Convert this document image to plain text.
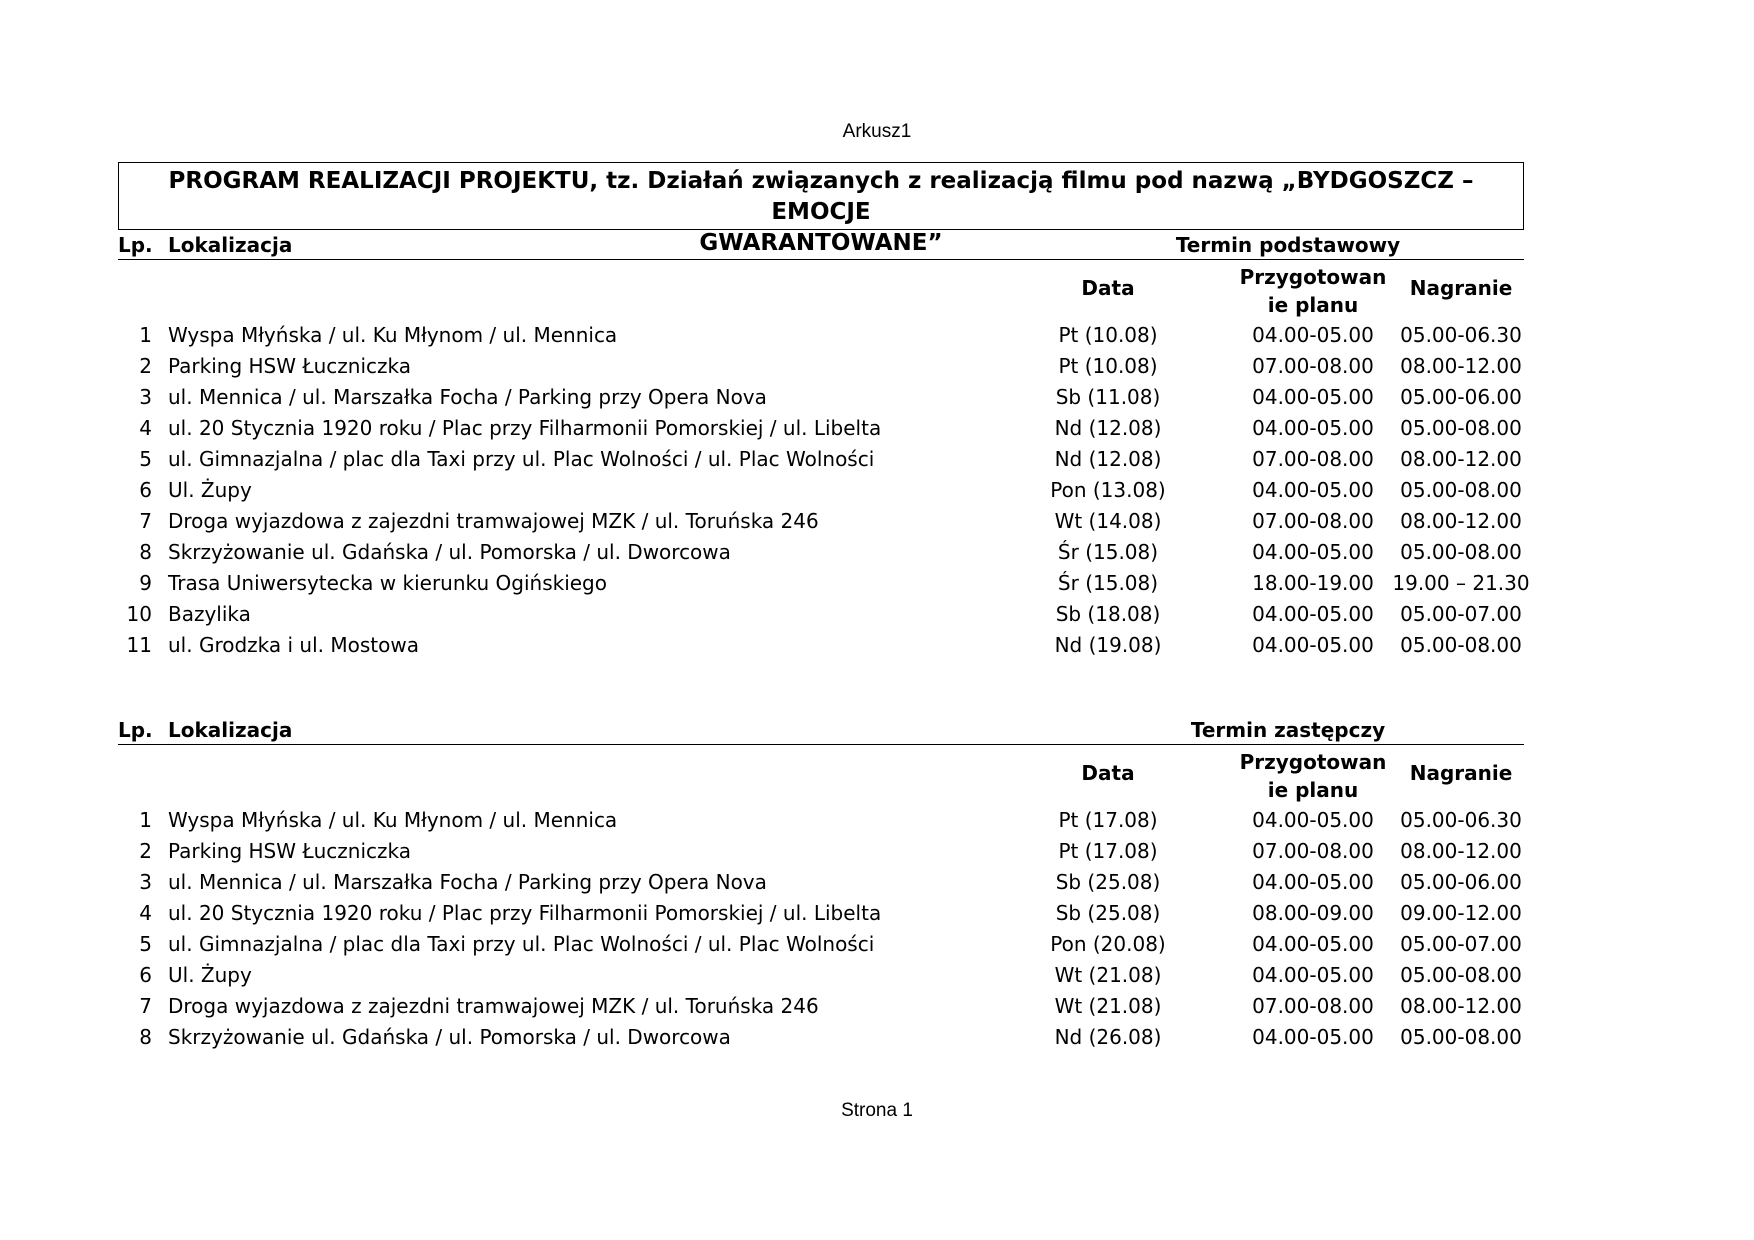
Arkusz1
PROGRAM REALIZACJI PROJEKTU, tz. Działań związanych z realizacją filmu pod nazwą „BYDGOSZCZ – EMOCJE
GWARANTOWANE”
Lp. Lokalizacja	Termin podstawowy
Data	Przygotowan
ie planu
Nagranie
1 Wyspa Młyńska / ul. Ku Młynom / ul. Mennica	Pt (10.08)	04.00-05.00	05.00-06.30
2 Parking HSW Łuczniczka	Pt (10.08)	07.00-08.00	08.00-12.00
3 ul. Mennica / ul. Marszałka Focha / Parking przy Opera Nova	Sb (11.08)	04.00-05.00	05.00-06.00
4 ul. 20 Stycznia 1920 roku / Plac przy Filharmonii Pomorskiej / ul. Libelta	Nd (12.08)	04.00-05.00	05.00-08.00
5 ul. Gimnazjalna / plac dla Taxi przy ul. Plac Wolności / ul. Plac Wolności	Nd (12.08)	07.00-08.00	08.00-12.00
6 Ul. Żupy	Pon (13.08)	04.00-05.00	05.00-08.00
7 Droga wyjazdowa z zajezdni tramwajowej MZK / ul. Toruńska 246	Wt (14.08)	07.00-08.00	08.00-12.00
8 Skrzyżowanie ul. Gdańska / ul. Pomorska / ul. Dworcowa	Śr (15.08)	04.00-05.00	05.00-08.00
9 Trasa Uniwersytecka w kierunku Ogińskiego	Śr (15.08)	18.00-19.00 19.00 – 21.30
10 Bazylika	Sb (18.08)	04.00-05.00	05.00-07.00
11 ul. Grodzka i ul. Mostowa	Nd (19.08)	04.00-05.00	05.00-08.00
Lp. Lokalizacja	Termin zastępczy
Data	Przygotowan
ie planu
Nagranie
1 Wyspa Młyńska / ul. Ku Młynom / ul. Mennica	Pt (17.08)	04.00-05.00	05.00-06.30
2 Parking HSW Łuczniczka	Pt (17.08)	07.00-08.00	08.00-12.00
3 ul. Mennica / ul. Marszałka Focha / Parking przy Opera Nova	Sb (25.08)	04.00-05.00	05.00-06.00
4 ul. 20 Stycznia 1920 roku / Plac przy Filharmonii Pomorskiej / ul. Libelta	Sb (25.08)	08.00-09.00	09.00-12.00
5 ul. Gimnazjalna / plac dla Taxi przy ul. Plac Wolności / ul. Plac Wolności	Pon (20.08)	04.00-05.00	05.00-07.00
6 Ul. Żupy	Wt (21.08)	04.00-05.00	05.00-08.00
7 Droga wyjazdowa z zajezdni tramwajowej MZK / ul. Toruńska 246	Wt (21.08)	07.00-08.00	08.00-12.00
8 Skrzyżowanie ul. Gdańska / ul. Pomorska / ul. Dworcowa	Nd (26.08)	04.00-05.00	05.00-08.00
Strona 1
